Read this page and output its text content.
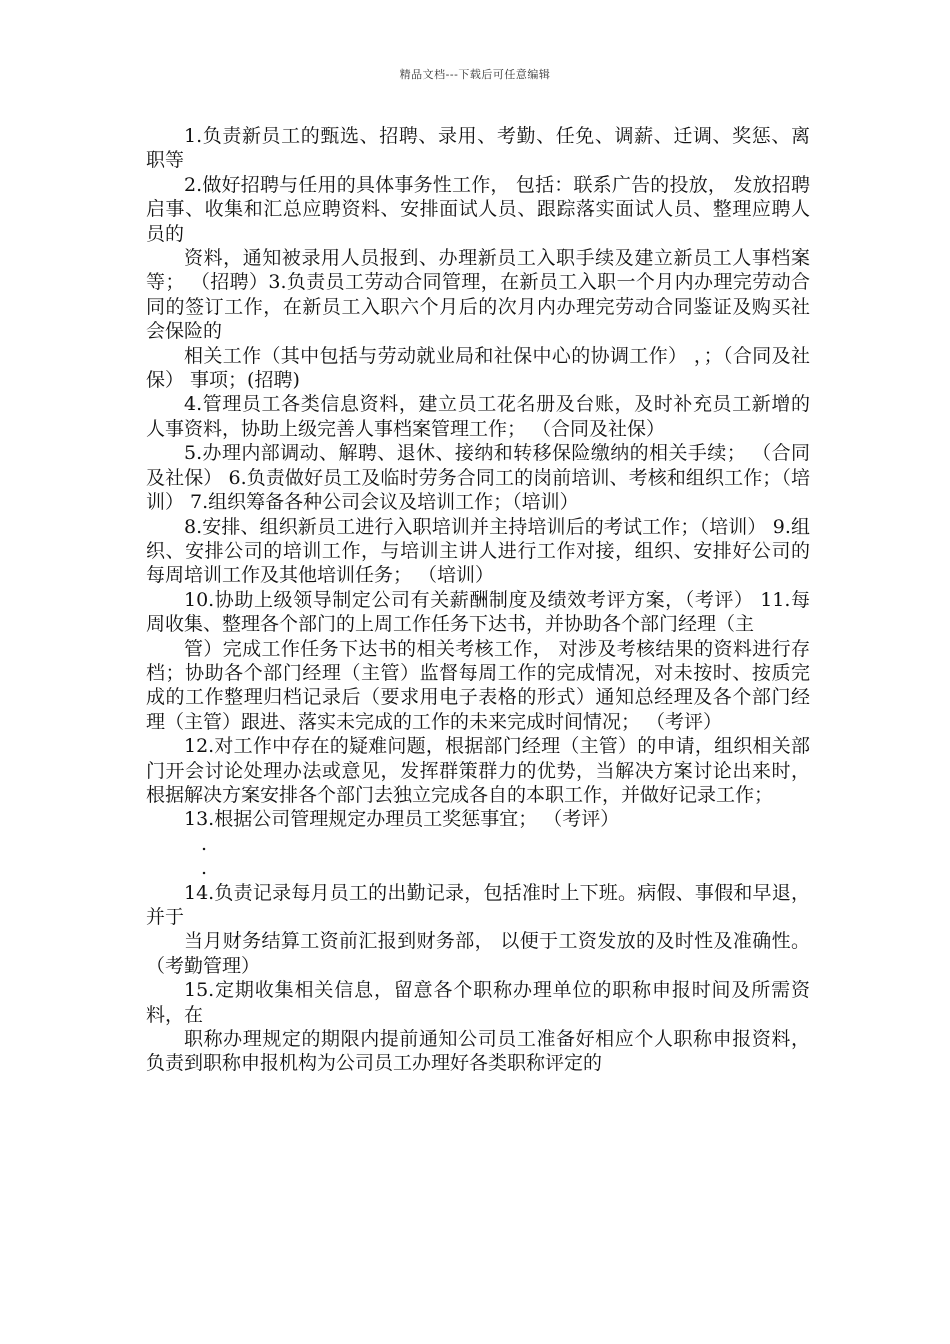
精品文档---下载后可任意编辑

1.负责新员工的甄选、招聘、录用、考勤、任免、调薪、迁调、奖惩、离职等

2.做好招聘与任用的具体事务性工作， 包括：联系广告的投放， 发放招聘启事、收集和汇总应聘资料、安排面试人员、跟踪落实面试人员、整理应聘人员的

资料，通知被录用人员报到、办理新员工入职手续及建立新员工人事档案等； （招聘）3.负责员工劳动合同管理，在新员工入职一个月内办理完劳动合同的签订工作，在新员工入职六个月后的次月内办理完劳动合同鉴证及购买社会保险的

相关工作（其中包括与劳动就业局和社保中心的协调工作） ，；（合同及社保） 事项；(招聘)

4.管理员工各类信息资料，建立员工花名册及台账，及时补充员工新增的人事资料，协助上级完善人事档案管理工作； （合同及社保）

5.办理内部调动、解聘、退休、接纳和转移保险缴纳的相关手续； （合同及社保） 6.负责做好员工及临时劳务合同工的岗前培训、考核和组织工作；（培训） 7.组织筹备各种公司会议及培训工作；（培训）

8.安排、组织新员工进行入职培训并主持培训后的考试工作；（培训） 9.组织、安排公司的培训工作，与培训主讲人进行工作对接，组织、安排好公司的每周培训工作及其他培训任务； （培训）

10.协助上级领导制定公司有关薪酬制度及绩效考评方案，（考评） 11.每周收集、整理各个部门的上周工作任务下达书，并协助各个部门经理（主

管）完成工作任务下达书的相关考核工作， 对涉及考核结果的资料进行存档；协助各个部门经理（主管）监督每周工作的完成情况，对未按时、按质完成的工作整理归档记录后（要求用电子表格的形式）通知总经理及各个部门经理（主管）跟进、落实未完成的工作的未来完成时间情况； （考评）

12.对工作中存在的疑难问题，根据部门经理（主管）的申请，组织相关部门开会讨论处理办法或意见，发挥群策群力的优势，当解决方案讨论出来时，根据解决方案安排各个部门去独立完成各自的本职工作，并做好记录工作；

13.根据公司管理规定办理员工奖惩事宜； （考评）

.

.

14.负责记录每月员工的出勤记录，包括准时上下班。病假、事假和早退，并于

当月财务结算工资前汇报到财务部， 以便于工资发放的及时性及准确性。 （考勤管理）

15.定期收集相关信息，留意各个职称办理单位的职称申报时间及所需资料，在

职称办理规定的期限内提前通知公司员工准备好相应个人职称申报资料， 负责到职称申报机构为公司员工办理好各类职称评定的
